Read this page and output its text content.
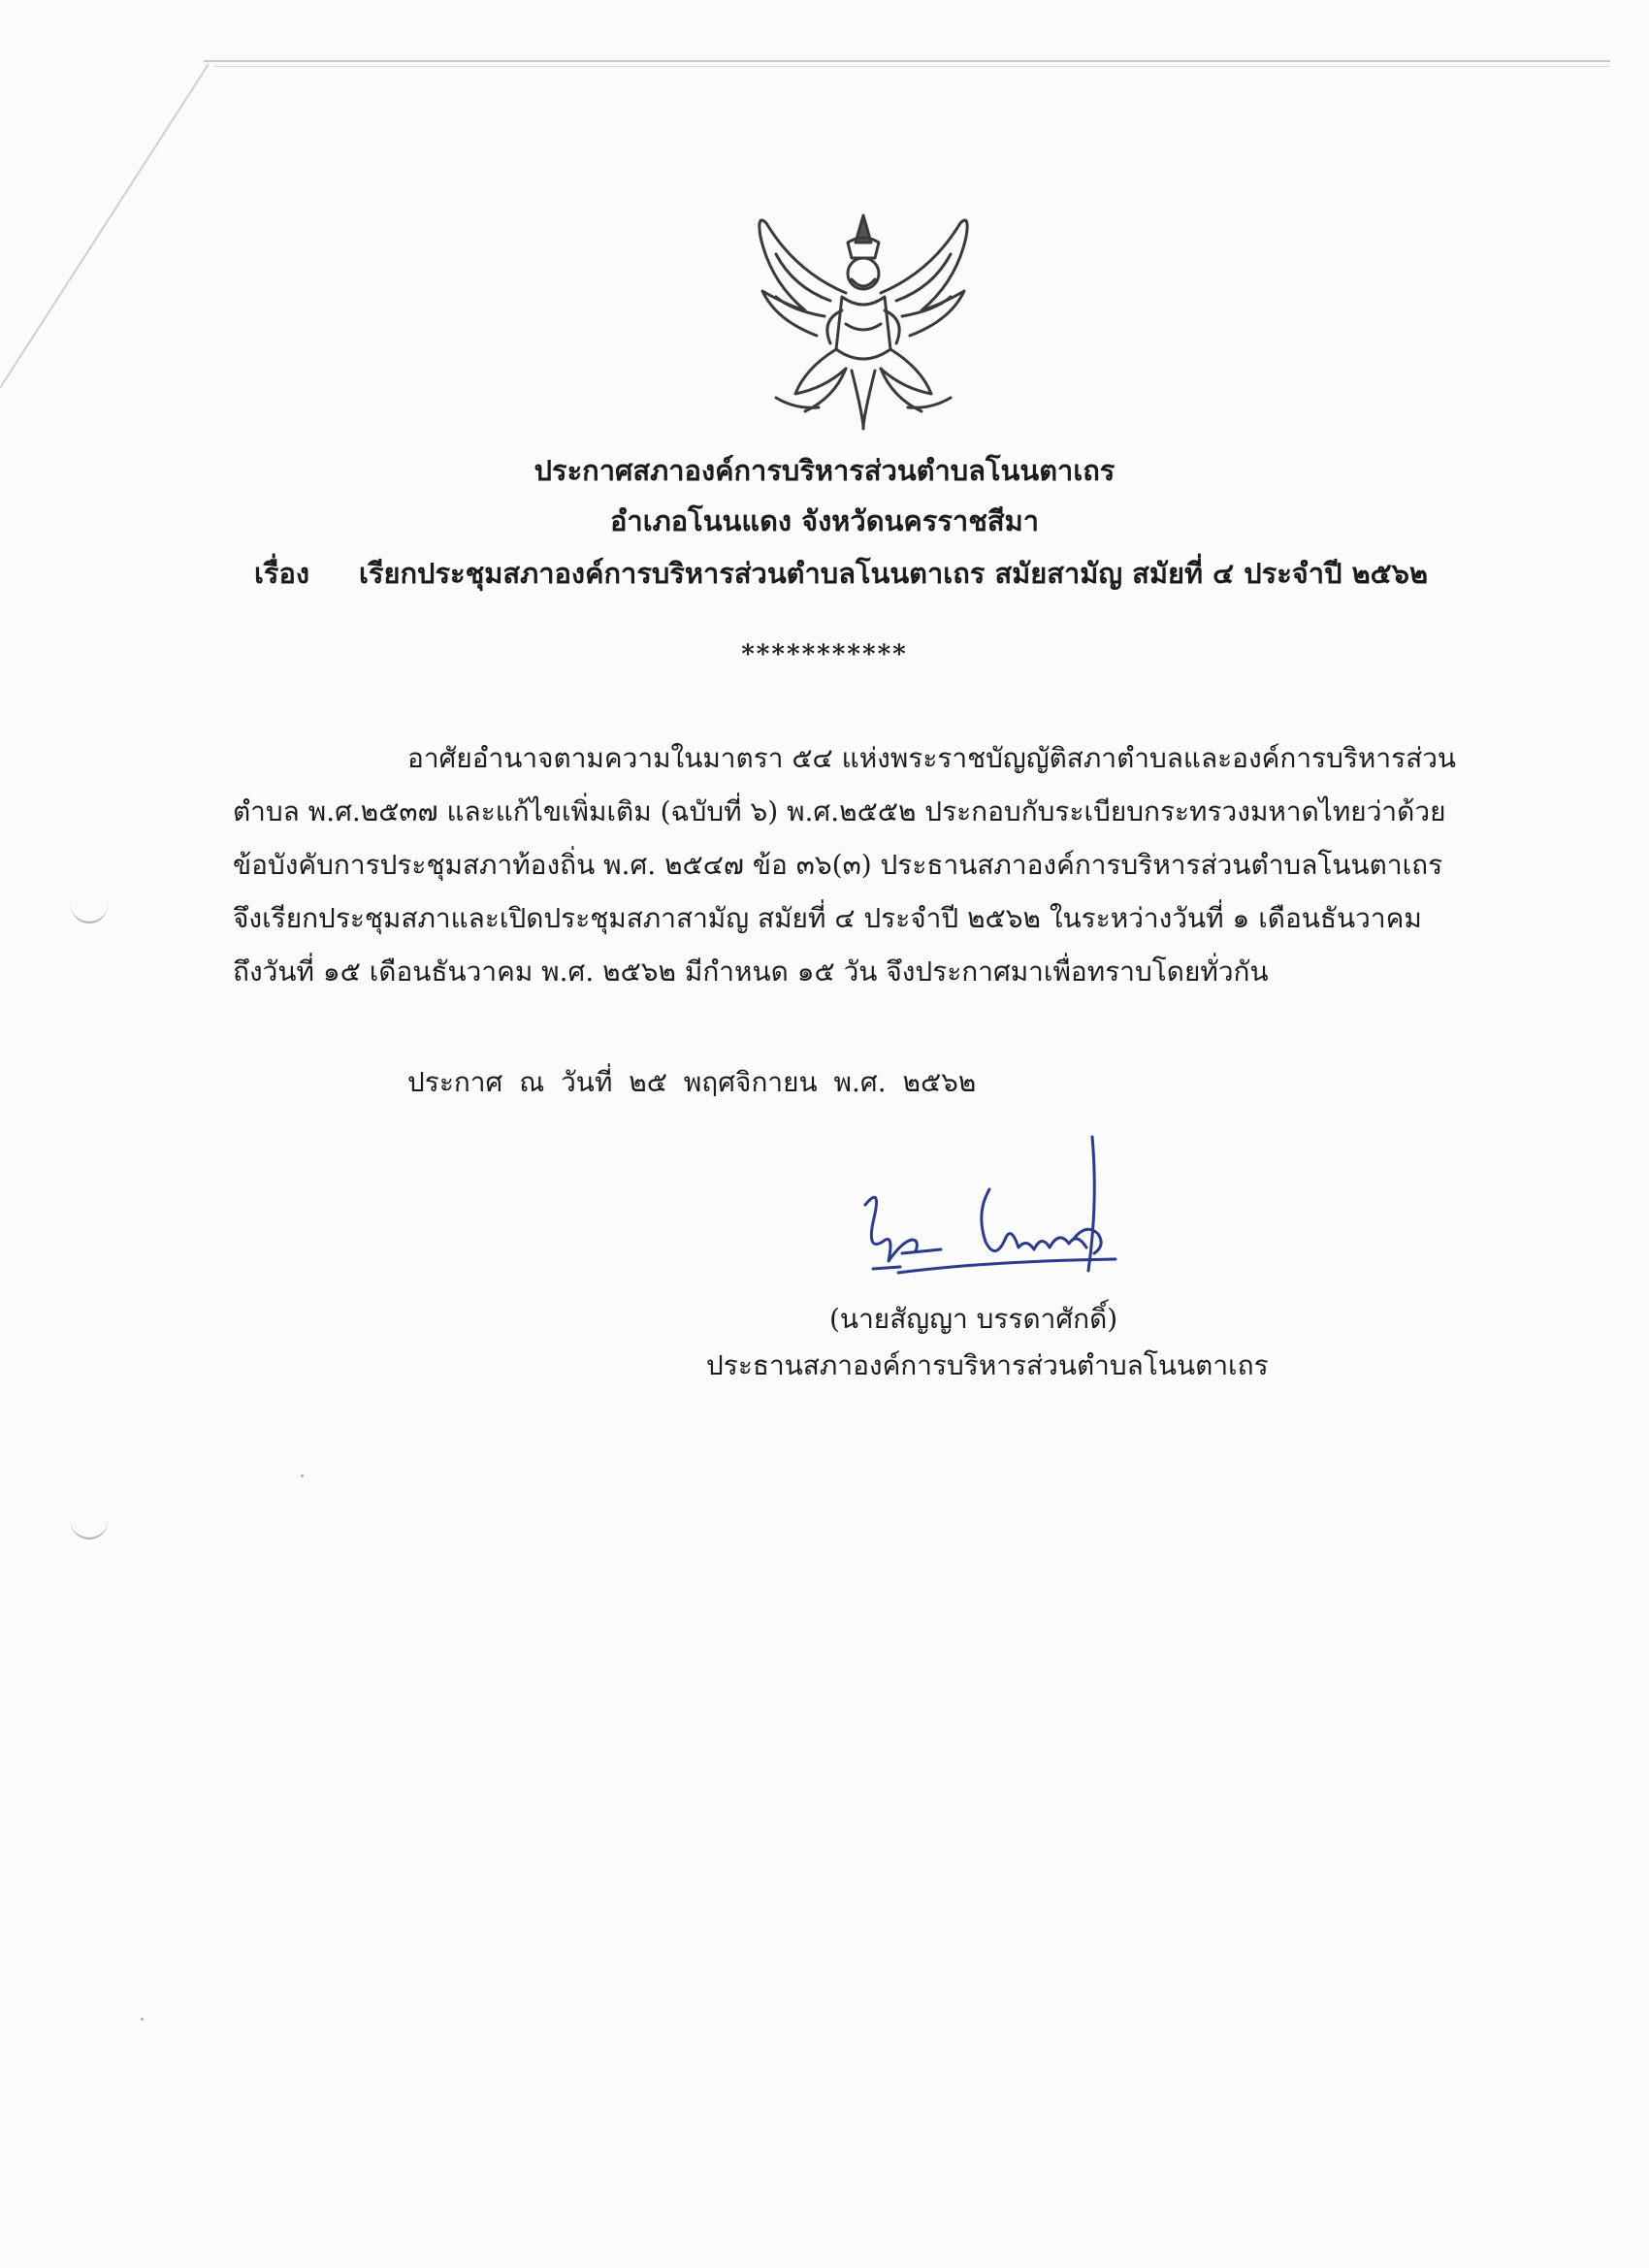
ประกาศสภาองค์การบริหารส่วนตำบลโนนตาเถร
อำเภอโนนแดง จังหวัดนครราชสีมา
เรื่อง เรียกประชุมสภาองค์การบริหารส่วนตำบลโนนตาเถร สมัยสามัญ สมัยที่ ๔ ประจำปี ๒๕๖๒
***********
อาศัยอำนาจตามความในมาตรา ๕๔ แห่งพระราชบัญญัติสภาตำบลและองค์การบริหารส่วน
ตำบล พ.ศ.๒๕๓๗ และแก้ไขเพิ่มเติม (ฉบับที่ ๖) พ.ศ.๒๕๕๒ ประกอบกับระเบียบกระทรวงมหาดไทยว่าด้วย
ข้อบังคับการประชุมสภาท้องถิ่น พ.ศ. ๒๕๔๗ ข้อ ๓๖(๓) ประธานสภาองค์การบริหารส่วนตำบลโนนตาเถร
จึงเรียกประชุมสภาและเปิดประชุมสภาสามัญ สมัยที่ ๔ ประจำปี ๒๕๖๒ ในระหว่างวันที่ ๑ เดือนธันวาคม
ถึงวันที่ ๑๕ เดือนธันวาคม พ.ศ. ๒๕๖๒ มีกำหนด ๑๕ วัน จึงประกาศมาเพื่อทราบโดยทั่วกัน
ประกาศ ณ วันที่ ๒๕ พฤศจิกายน พ.ศ. ๒๕๖๒
(นายสัญญา บรรดาศักดิ์)
ประธานสภาองค์การบริหารส่วนตำบลโนนตาเถร
